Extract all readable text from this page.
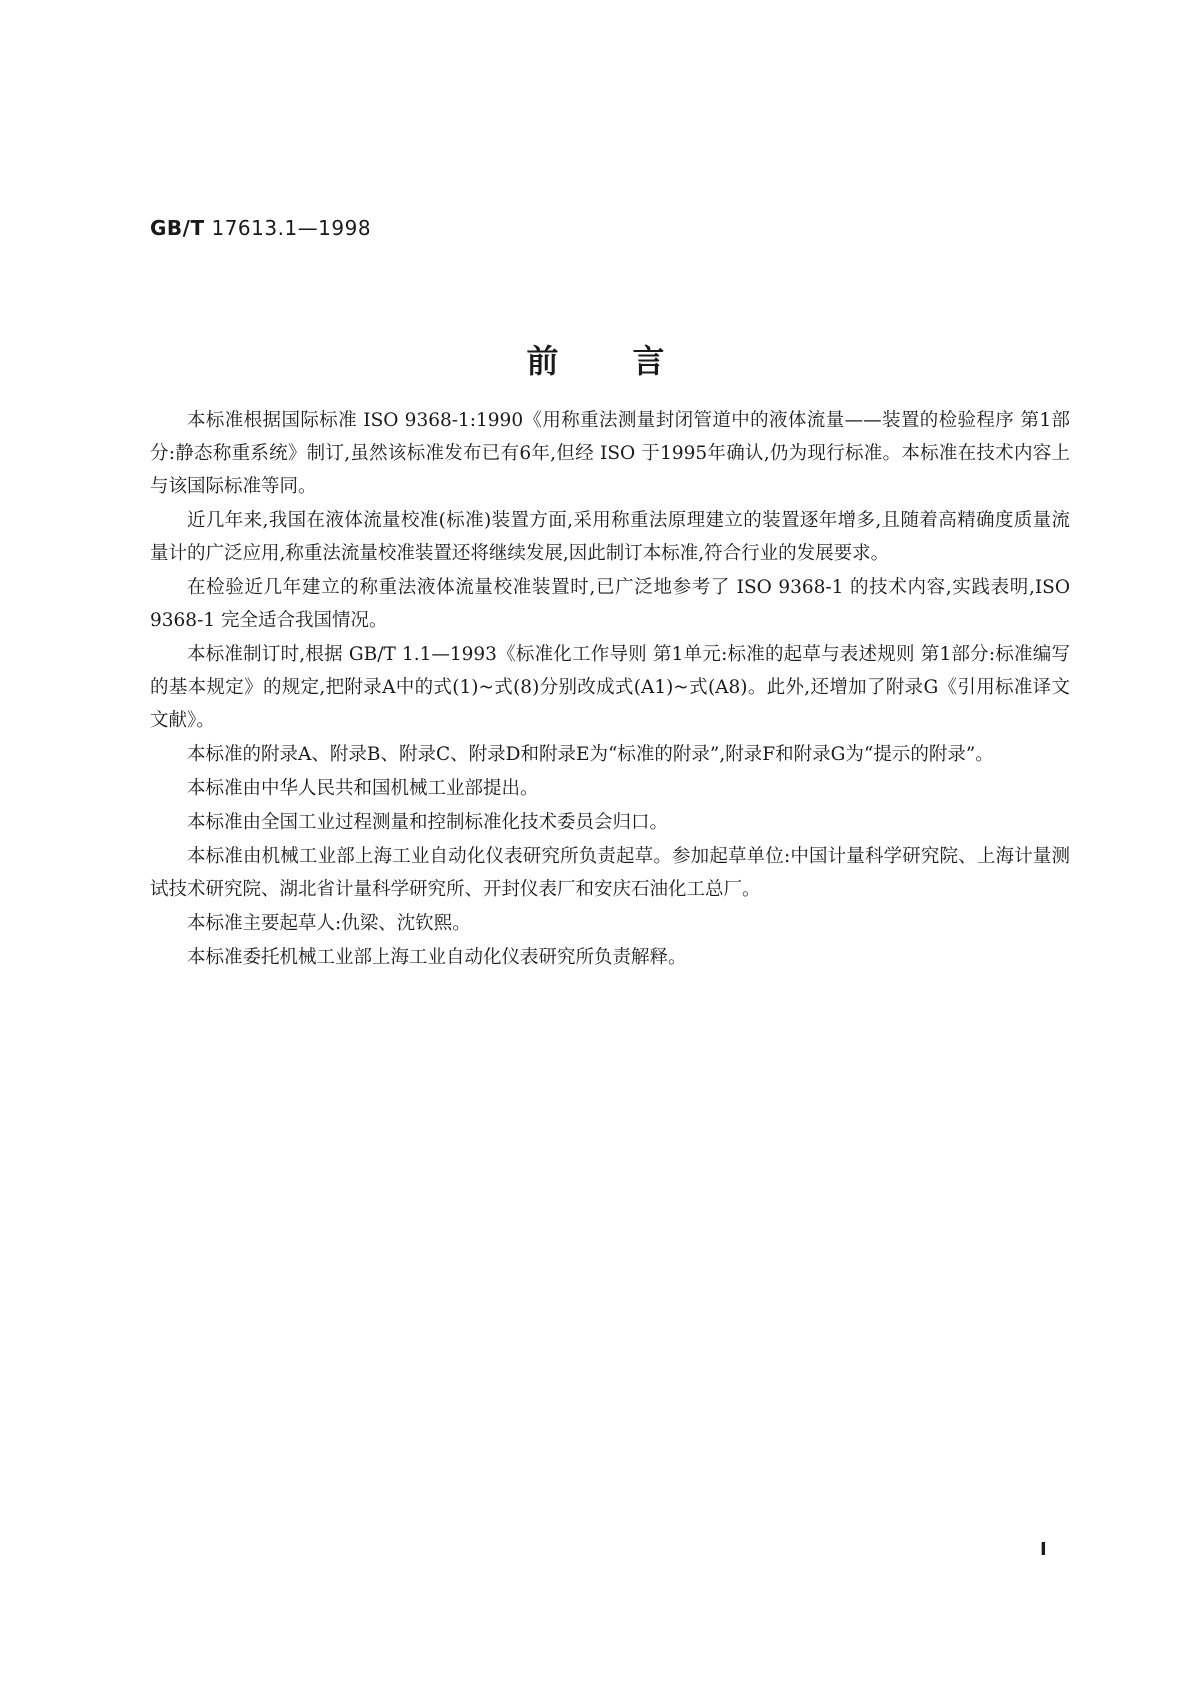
GB/T 17613.1—1998
前言

本标准根据国际标准 ISO 9368-1:1990《用称重法测量封闭管道中的液体流量——装置的检验程序 第1部分:静态称重系统》制订,虽然该标准发布已有6年,但经 ISO 于1995年确认,仍为现行标准。本标准在技术内容上与该国际标准等同。

近几年来,我国在液体流量校准(标准)装置方面,采用称重法原理建立的装置逐年增多,且随着高精确度质量流量计的广泛应用,称重法流量校准装置还将继续发展,因此制订本标准,符合行业的发展要求。

在检验近几年建立的称重法液体流量校准装置时,已广泛地参考了 ISO 9368-1 的技术内容,实践表明,ISO 9368-1 完全适合我国情况。

本标准制订时,根据 GB/T 1.1—1993《标准化工作导则 第1单元:标准的起草与表述规则 第1部分:标准编写的基本规定》的规定,把附录A中的式(1)~式(8)分别改成式(A1)~式(A8)。此外,还增加了附录G《引用标准译文文献》。

本标准的附录A、附录B、附录C、附录D和附录E为“标准的附录”,附录F和附录G为“提示的附录”。

本标准由中华人民共和国机械工业部提出。

本标准由全国工业过程测量和控制标准化技术委员会归口。

本标准由机械工业部上海工业自动化仪表研究所负责起草。参加起草单位:中国计量科学研究院、上海计量测试技术研究院、湖北省计量科学研究所、开封仪表厂和安庆石油化工总厂。

本标准主要起草人:仇梁、沈钦熙。

本标准委托机械工业部上海工业自动化仪表研究所负责解释。

I
